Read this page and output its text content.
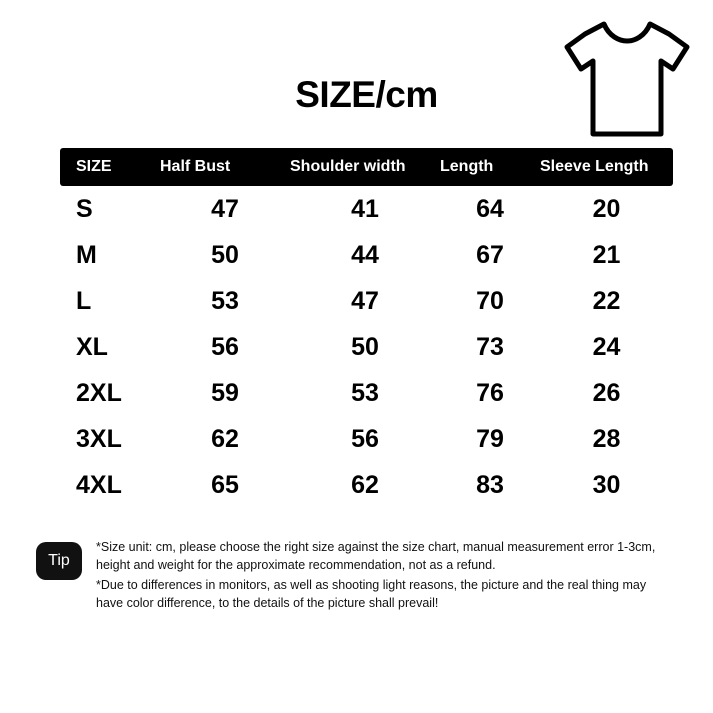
SIZE/cm
SIZE	Half Bust	Shoulder width	Length	Sleeve Length
S	47	41	64	20
M	50	44	67	21
L	53	47	70	22
XL	56	50	73	24
2XL	59	53	76	26
3XL	62	56	79	28
4XL	65	62	83	30
Tip

*Size unit: cm, please choose the right size against the size chart, manual measurement error 1-3cm, height and weight for the approximate recommendation, not as a refund.

*Due to differences in monitors, as well as shooting light reasons, the picture and the real thing may have color difference, to the details of the picture shall prevail!
